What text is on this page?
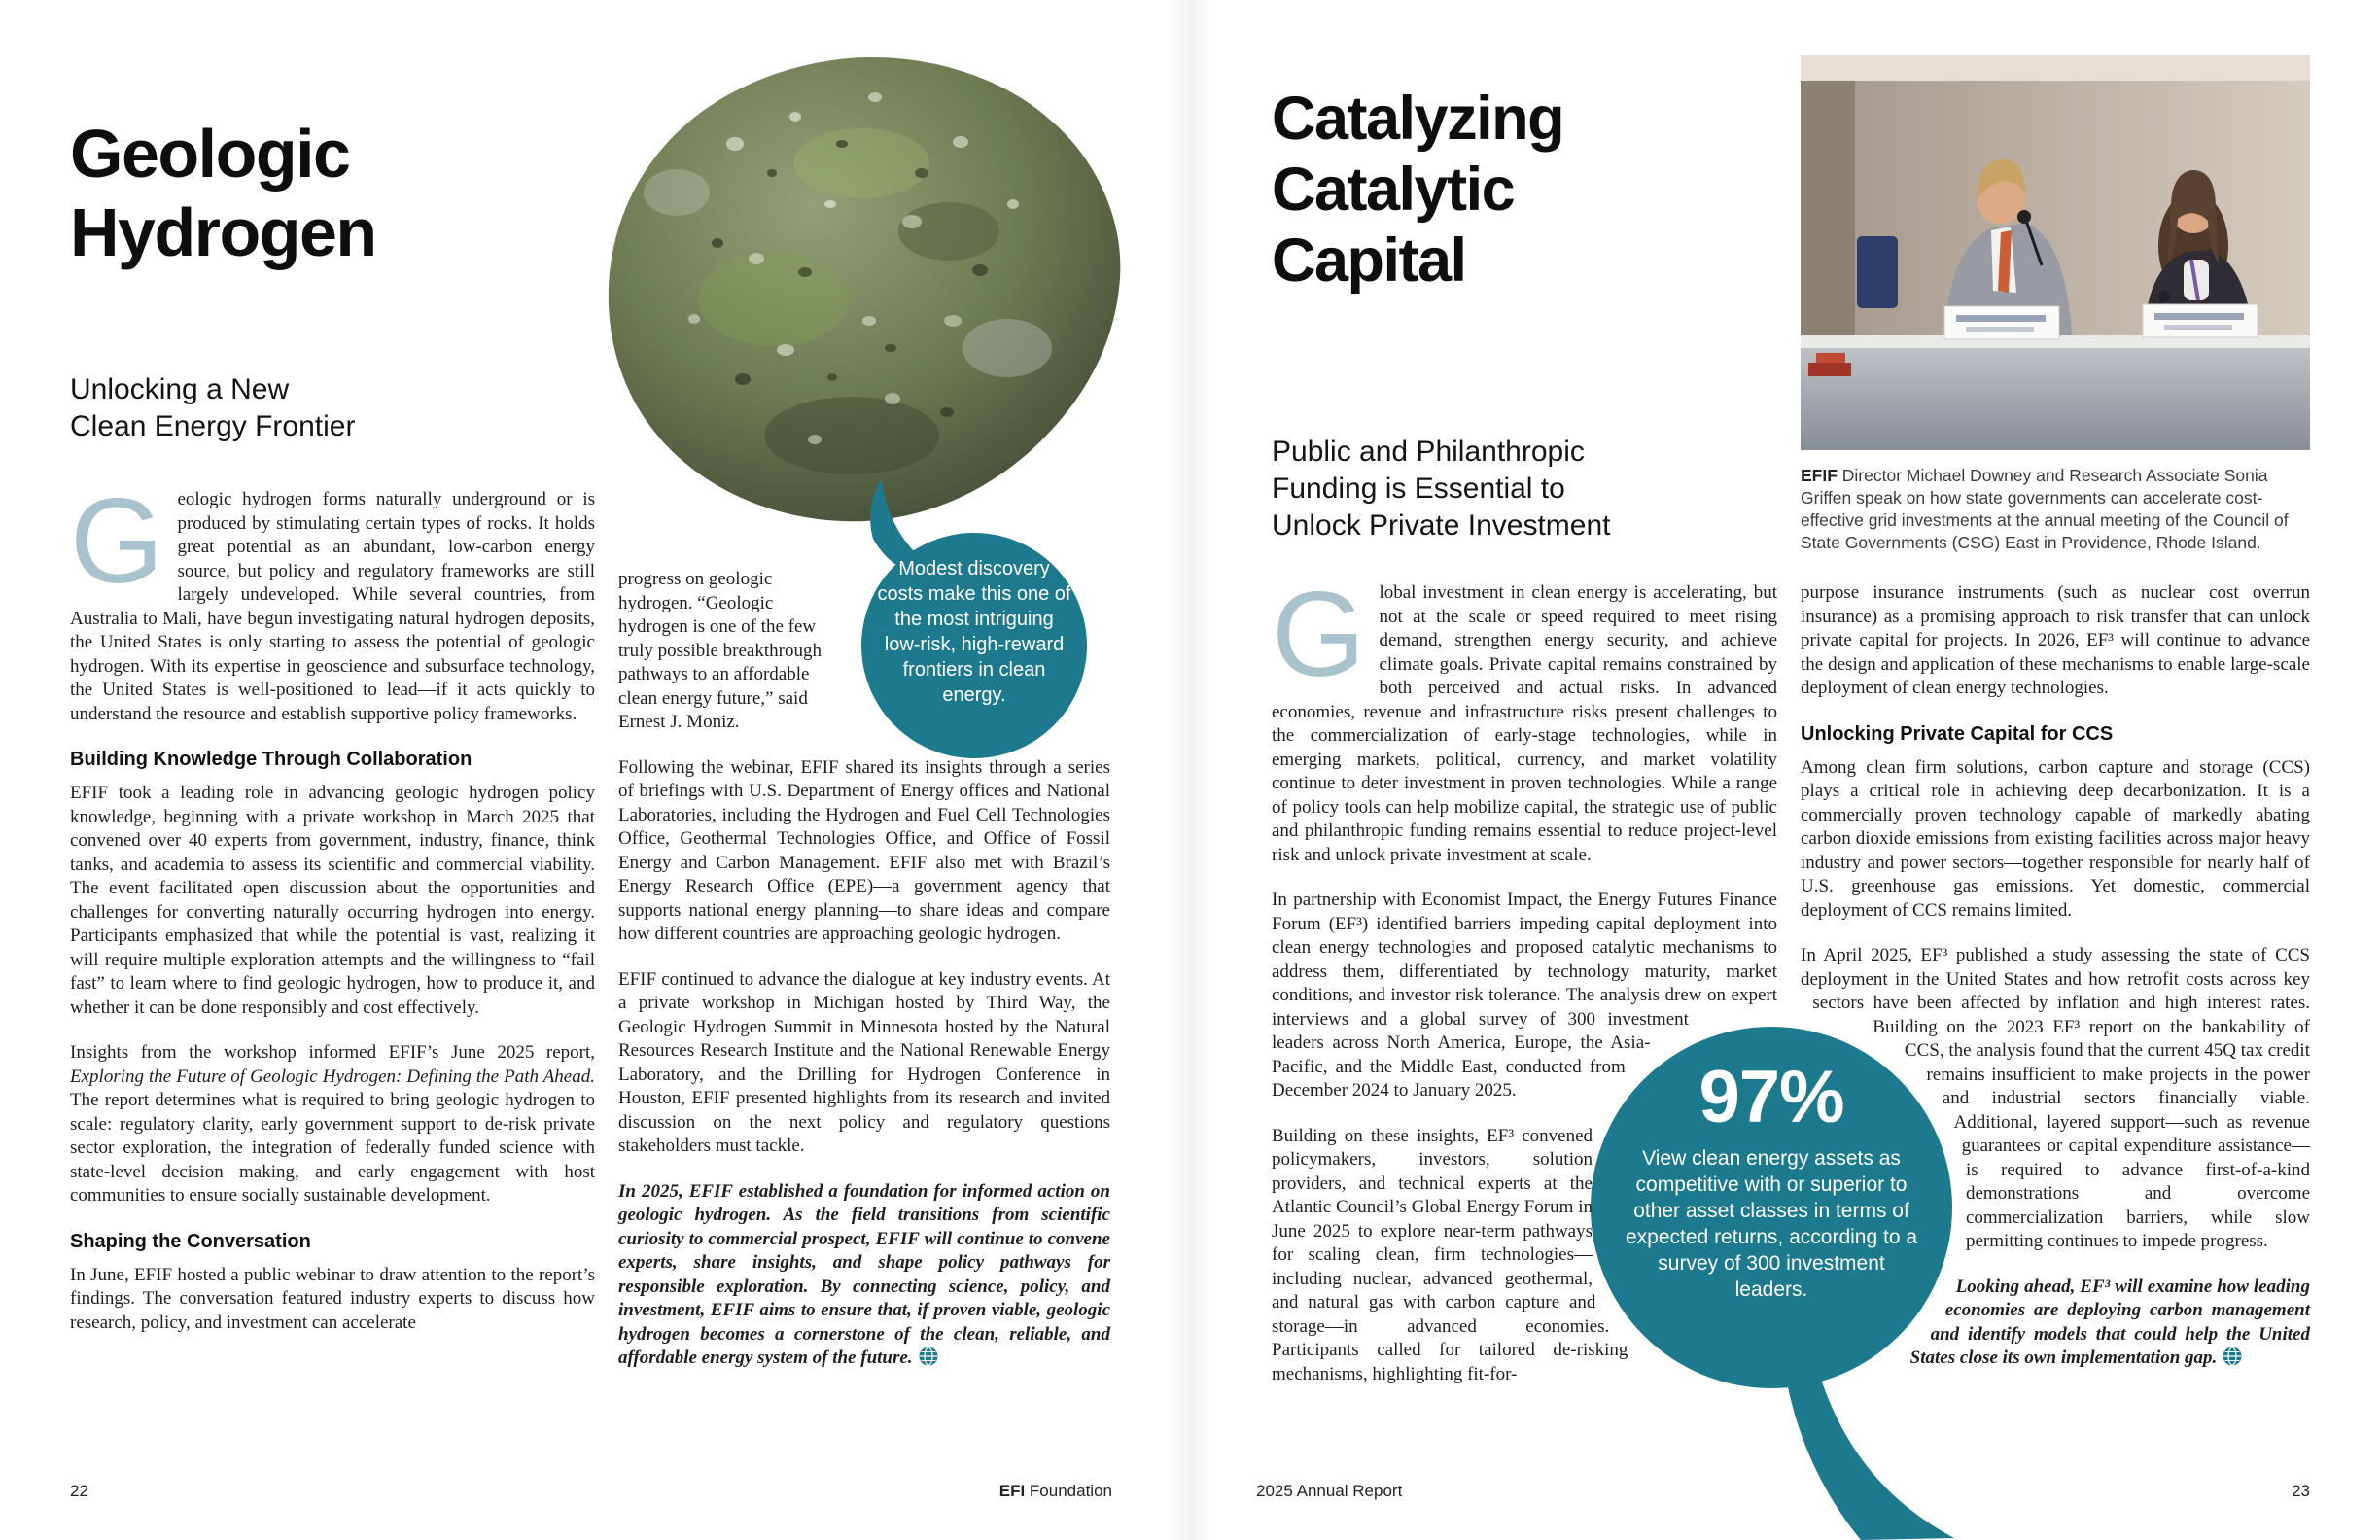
Geologic
Hydrogen
Unlocking a New
Clean Energy Frontier
Modest discovery costs make this one of the most intriguing low-risk, high-reward frontiers in clean energy.

Geologic hydrogen forms naturally underground or is produced by stimulating certain types of rocks. It holds great potential as an abundant, low-carbon energy source, but policy and regulatory frameworks are still largely undeveloped. While several countries, from Australia to Mali, have begun investigating natural hydrogen deposits, the United States is only starting to assess the potential of geologic hydrogen. With its expertise in geoscience and subsurface technology, the United States is well-positioned to lead—if it acts quickly to understand the resource and establish supportive policy frameworks.

Building Knowledge Through Collaboration

EFIF took a leading role in advancing geologic hydrogen policy knowledge, beginning with a private workshop in March 2025 that convened over 40 experts from government, industry, finance, think tanks, and academia to assess its scientific and commercial viability. The event facilitated open discussion about the opportunities and challenges for converting naturally occurring hydrogen into energy. Participants emphasized that while the potential is vast, realizing it will require multiple exploration attempts and the willingness to “fail fast” to learn where to find geologic hydrogen, how to produce it, and whether it can be done responsibly and cost effectively.

Insights from the workshop informed EFIF’s June 2025 report, Exploring the Future of Geologic Hydrogen: Defining the Path Ahead. The report determines what is required to bring geologic hydrogen to scale: regulatory clarity, early government support to de-risk private sector exploration, the integration of federally funded science with state-level decision making, and early engagement with host communities to ensure socially sustainable development.

Shaping the Conversation

In June, EFIF hosted a public webinar to draw attention to the report’s findings. The conversation featured industry experts to discuss how research, policy, and investment can accelerate

progress on geologic hydrogen. “Geologic hydrogen is one of the few truly possible breakthrough pathways to an affordable clean energy future,” said Ernest J. Moniz.

Following the webinar, EFIF shared its insights through a series of briefings with U.S. Department of Energy offices and National Laboratories, including the Hydrogen and Fuel Cell Technologies Office, Geothermal Technologies Office, and Office of Fossil Energy and Carbon Management. EFIF also met with Brazil’s Energy Research Office (EPE)—a government agency that supports national energy planning—to share ideas and compare how different countries are approaching geologic hydrogen.

EFIF continued to advance the dialogue at key industry events. At a private workshop in Michigan hosted by Third Way, the Geologic Hydrogen Summit in Minnesota hosted by the Natural Resources Research Institute and the National Renewable Energy Laboratory, and the Drilling for Hydrogen Conference in Houston, EFIF presented highlights from its research and invited discussion on the next policy and regulatory questions stakeholders must tackle.

In 2025, EFIF established a foundation for informed action on geologic hydrogen. As the field transitions from scientific curiosity to commercial prospect, EFIF will continue to convene experts, share insights, and shape policy pathways for responsible exploration. By connecting science, policy, and investment, EFIF aims to ensure that, if proven viable, geologic hydrogen becomes a cornerstone of the clean, reliable, and affordable energy system of the future.

22	EFI Foundation
Catalyzing
Catalytic
Capital
Public and Philanthropic
Funding is Essential to
Unlock Private Investment

EFIF Director Michael Downey and Research Associate Sonia Griffen speak on how state governments can accelerate cost-effective grid investments at the annual meeting of the Council of State Governments (CSG) East in Providence, Rhode Island.

97%
View clean energy assets as competitive with or superior to other asset classes in terms of expected returns, according to a survey of 300 investment leaders.

Global investment in clean energy is accelerating, but not at the scale or speed required to meet rising demand, strengthen energy security, and achieve climate goals. Private capital remains constrained by both perceived and actual risks. In advanced economies, revenue and infrastructure risks present challenges to the commercialization of early-stage technologies, while in emerging markets, political, currency, and market volatility continue to deter investment in proven technologies. While a range of policy tools can help mobilize capital, the strategic use of public and philanthropic funding remains essential to reduce project-level risk and unlock private investment at scale.

In partnership with Economist Impact, the Energy Futures Finance Forum (EF³) identified barriers impeding capital deployment into clean energy technologies and proposed catalytic mechanisms to address them, differentiated by technology maturity, market conditions, and investor risk tolerance. The analysis drew on expert interviews and a global survey of 300 investment leaders across North America, Europe, the Asia-Pacific, and the Middle East, conducted from December 2024 to January 2025.

Building on these insights, EF³ convened policymakers, investors, solution providers, and technical experts at the Atlantic Council’s Global Energy Forum in June 2025 to explore near-term pathways for scaling clean, firm technologies—including nuclear, advanced geothermal, and natural gas with carbon capture and storage—in advanced economies. Participants called for tailored de-risking mechanisms, highlighting fit-for-

purpose insurance instruments (such as nuclear cost overrun insurance) as a promising approach to risk transfer that can unlock private capital for projects. In 2026, EF³ will continue to advance the design and application of these mechanisms to enable large-scale deployment of clean energy technologies.

Unlocking Private Capital for CCS

Among clean firm solutions, carbon capture and storage (CCS) plays a critical role in achieving deep decarbonization. It is a commercially proven technology capable of markedly abating carbon dioxide emissions from existing facilities across major heavy industry and power sectors—together responsible for nearly half of U.S. greenhouse gas emissions. Yet domestic, commercial deployment of CCS remains limited.

In April 2025, EF³ published a study assessing the state of CCS deployment in the United States and how retrofit costs across key sectors have been affected by inflation and high interest rates. Building on the 2023 EF³ report on the bankability of CCS, the analysis found that the current 45Q tax credit remains insufficient to make projects in the power and industrial sectors financially viable. Additional, layered support—such as revenue guarantees or capital expenditure assistance—is required to advance first-of-a-kind demonstrations and overcome commercialization barriers, while slow permitting continues to impede progress.

Looking ahead, EF³ will examine how leading economies are deploying carbon management and identify models that could help the United States close its own implementation gap.

2025 Annual Report	23
